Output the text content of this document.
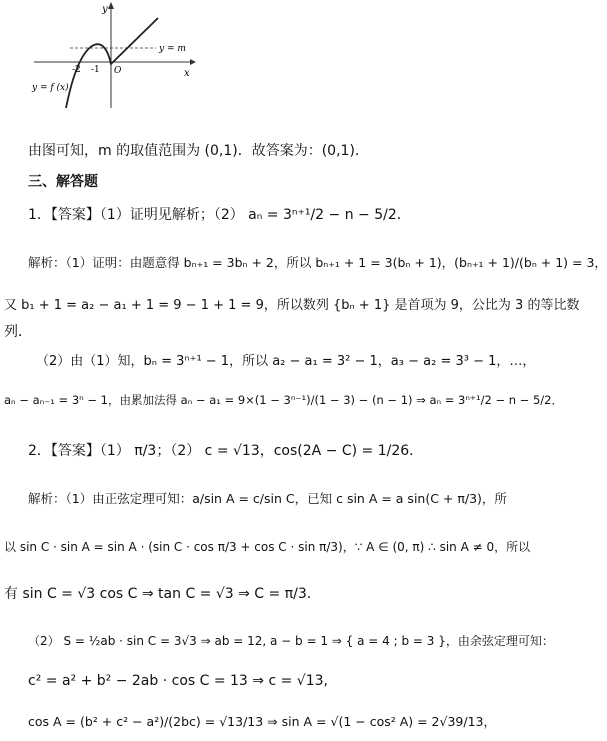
y
x
O
-2 -1
y = m
y = f (x)
由图可知，m 的取值范围为 (0,1)．故答案为：(0,1)．
三、解答题
1．【答案】（1）证明见解析；（2） aₙ = 3ⁿ⁺¹/2 − n − 5/2．
解析：（1）证明：由题意得 bₙ₊₁ = 3bₙ + 2，所以 bₙ₊₁ + 1 = 3(bₙ + 1)，(bₙ₊₁ + 1)/(bₙ + 1) = 3，
又 b₁ + 1 = a₂ − a₁ + 1 = 9 − 1 + 1 = 9，所以数列 {bₙ + 1} 是首项为 9，公比为 3 的等比数
列．
（2）由（1）知，bₙ = 3ⁿ⁺¹ − 1，所以 a₂ − a₁ = 3² − 1，a₃ − a₂ = 3³ − 1，…，
aₙ − aₙ₋₁ = 3ⁿ − 1，由累加法得 aₙ − a₁ = 9×(1 − 3ⁿ⁻¹)/(1 − 3) − (n − 1) ⇒ aₙ = 3ⁿ⁺¹/2 − n − 5/2．
2．【答案】（1） π/3；（2） c = √13，cos(2A − C) = 1/26．
解析：（1）由正弦定理可知：a/sin A = c/sin C，已知 c sin A = a sin(C + π/3)，所
以 sin C · sin A = sin A · (sin C · cos π/3 + cos C · sin π/3)，∵ A ∈ (0, π) ∴ sin A ≠ 0，所以
有 sin C = √3 cos C ⇒ tan C = √3 ⇒ C = π/3．
（2） S = ½ab · sin C = 3√3 ⇒ ab = 12, a − b = 1 ⇒ { a = 4 ; b = 3 }，由余弦定理可知：
c² = a² + b² − 2ab · cos C = 13 ⇒ c = √13,
cos A = (b² + c² − a²)/(2bc) = √13/13 ⇒ sin A = √(1 − cos² A) = 2√39/13，
